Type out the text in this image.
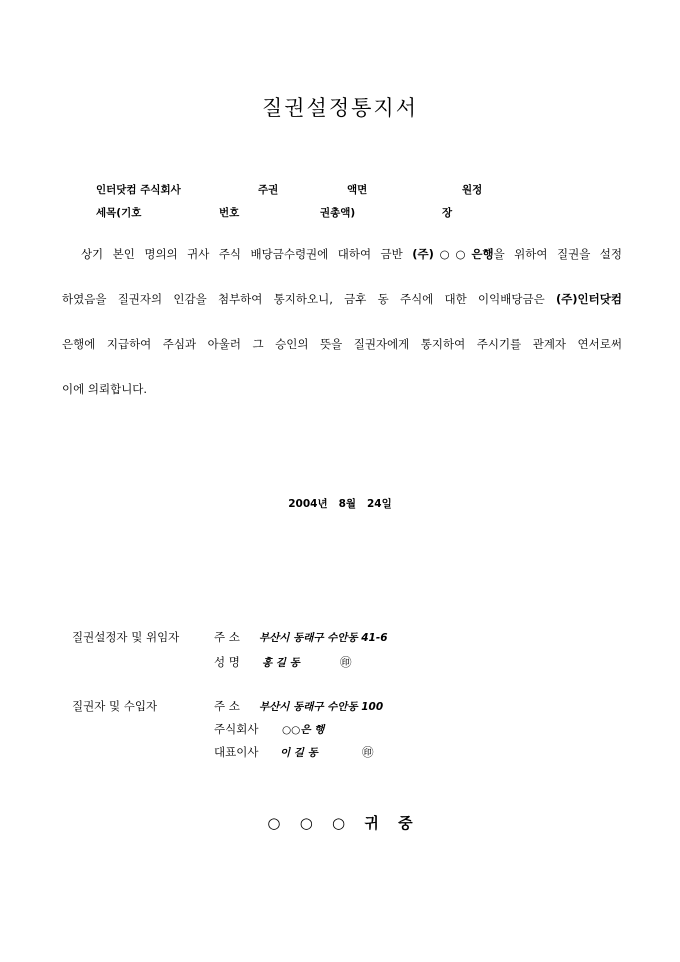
질권설정통지서
인터닷컴 주식회사	주권	액면	원정
세목(기호	번호	권총액)	장
상기 본인 명의의 귀사 주식 배당금수령권에 대하여 금반 (주)○○은행을 위하여 질권을 설정
하였음을 질권자의 인감을 첨부하여 통지하오니, 금후 동 주식에 대한 이익배당금은 (주)인터닷컴
은행에 지급하여 주심과 아울러 그 승인의 뜻을 질권자에게 통지하여 주시기를 관계자 연서로써
이에 의뢰합니다.
2004년   8월   24일
질권설정자 및 위임자	주 소 부산시 동래구 수안동 41-6
성 명 홍 길 동	㊞
질권자 및 수입자	주 소 부산시 동래구 수안동 100
주식회사 ○○은 행
대표이사 이 길 동	㊞
○ ○ ○ 귀 중
